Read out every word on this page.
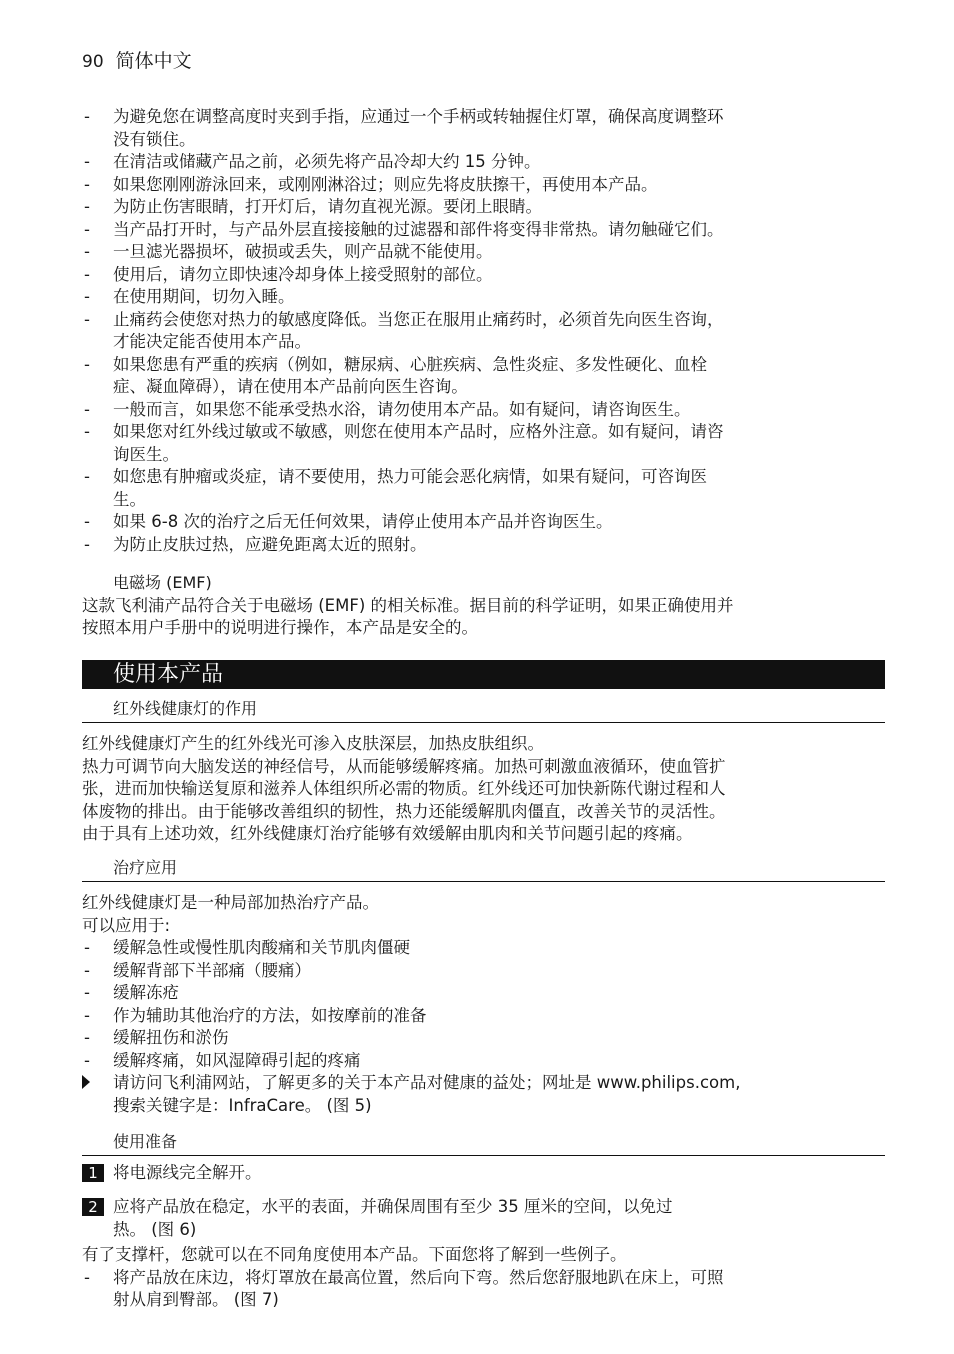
90 简体中文
- 为避免您在调整高度时夹到手指，应通过一个手柄或转轴握住灯罩，确保高度调整环
没有锁住。
- 在清洁或储藏产品之前，必须先将产品冷却大约 15 分钟。
- 如果您刚刚游泳回来，或刚刚淋浴过；则应先将皮肤擦干，再使用本产品。
- 为防止伤害眼睛，打开灯后，请勿直视光源。要闭上眼睛。
- 当产品打开时，与产品外层直接接触的过滤器和部件将变得非常热。请勿触碰它们。
- 一旦滤光器损坏，破损或丢失，则产品就不能使用。
- 使用后，请勿立即快速冷却身体上接受照射的部位。
- 在使用期间，切勿入睡。
- 止痛药会使您对热力的敏感度降低。当您正在服用止痛药时，必须首先向医生咨询，
才能决定能否使用本产品。
- 如果您患有严重的疾病（例如，糖尿病、心脏疾病、急性炎症、多发性硬化、血栓
症、凝血障碍），请在使用本产品前向医生咨询。
- 一般而言，如果您不能承受热水浴，请勿使用本产品。如有疑问，请咨询医生。
- 如果您对红外线过敏或不敏感，则您在使用本产品时，应格外注意。如有疑问，请咨
询医生。
- 如您患有肿瘤或炎症，请不要使用，热力可能会恶化病情，如果有疑问，可咨询医
生。
- 如果 6-8 次的治疗之后无任何效果，请停止使用本产品并咨询医生。
- 为防止皮肤过热，应避免距离太近的照射。
电磁场 (EMF)
这款飞利浦产品符合关于电磁场 (EMF) 的相关标准。据目前的科学证明，如果正确使用并
按照本用户手册中的说明进行操作，本产品是安全的。
使用本产品
红外线健康灯的作用
红外线健康灯产生的红外线光可渗入皮肤深层，加热皮肤组织。
热力可调节向大脑发送的神经信号，从而能够缓解疼痛。加热可刺激血液循环，使血管扩
张，进而加快输送复原和滋养人体组织所必需的物质。红外线还可加快新陈代谢过程和人
体废物的排出。由于能够改善组织的韧性，热力还能缓解肌肉僵直，改善关节的灵活性。
由于具有上述功效，红外线健康灯治疗能够有效缓解由肌肉和关节问题引起的疼痛。
治疗应用
红外线健康灯是一种局部加热治疗产品。
可以应用于:
- 缓解急性或慢性肌肉酸痛和关节肌肉僵硬
- 缓解背部下半部痛（腰痛）
- 缓解冻疮
- 作为辅助其他治疗的方法，如按摩前的准备
- 缓解扭伤和淤伤
- 缓解疼痛，如风湿障碍引起的疼痛
请访问飞利浦网站，了解更多的关于本产品对健康的益处；网址是 www.philips.com,
搜索关键字是：InfraCare。 (图 5)
使用准备
1 将电源线完全解开。
2 应将产品放在稳定，水平的表面，并确保周围有至少 35 厘米的空间，以免过
热。 (图 6)
有了支撑杆，您就可以在不同角度使用本产品。下面您将了解到一些例子。
- 将产品放在床边，将灯罩放在最高位置，然后向下弯。然后您舒服地趴在床上，可照
射从肩到臀部。 (图 7)
